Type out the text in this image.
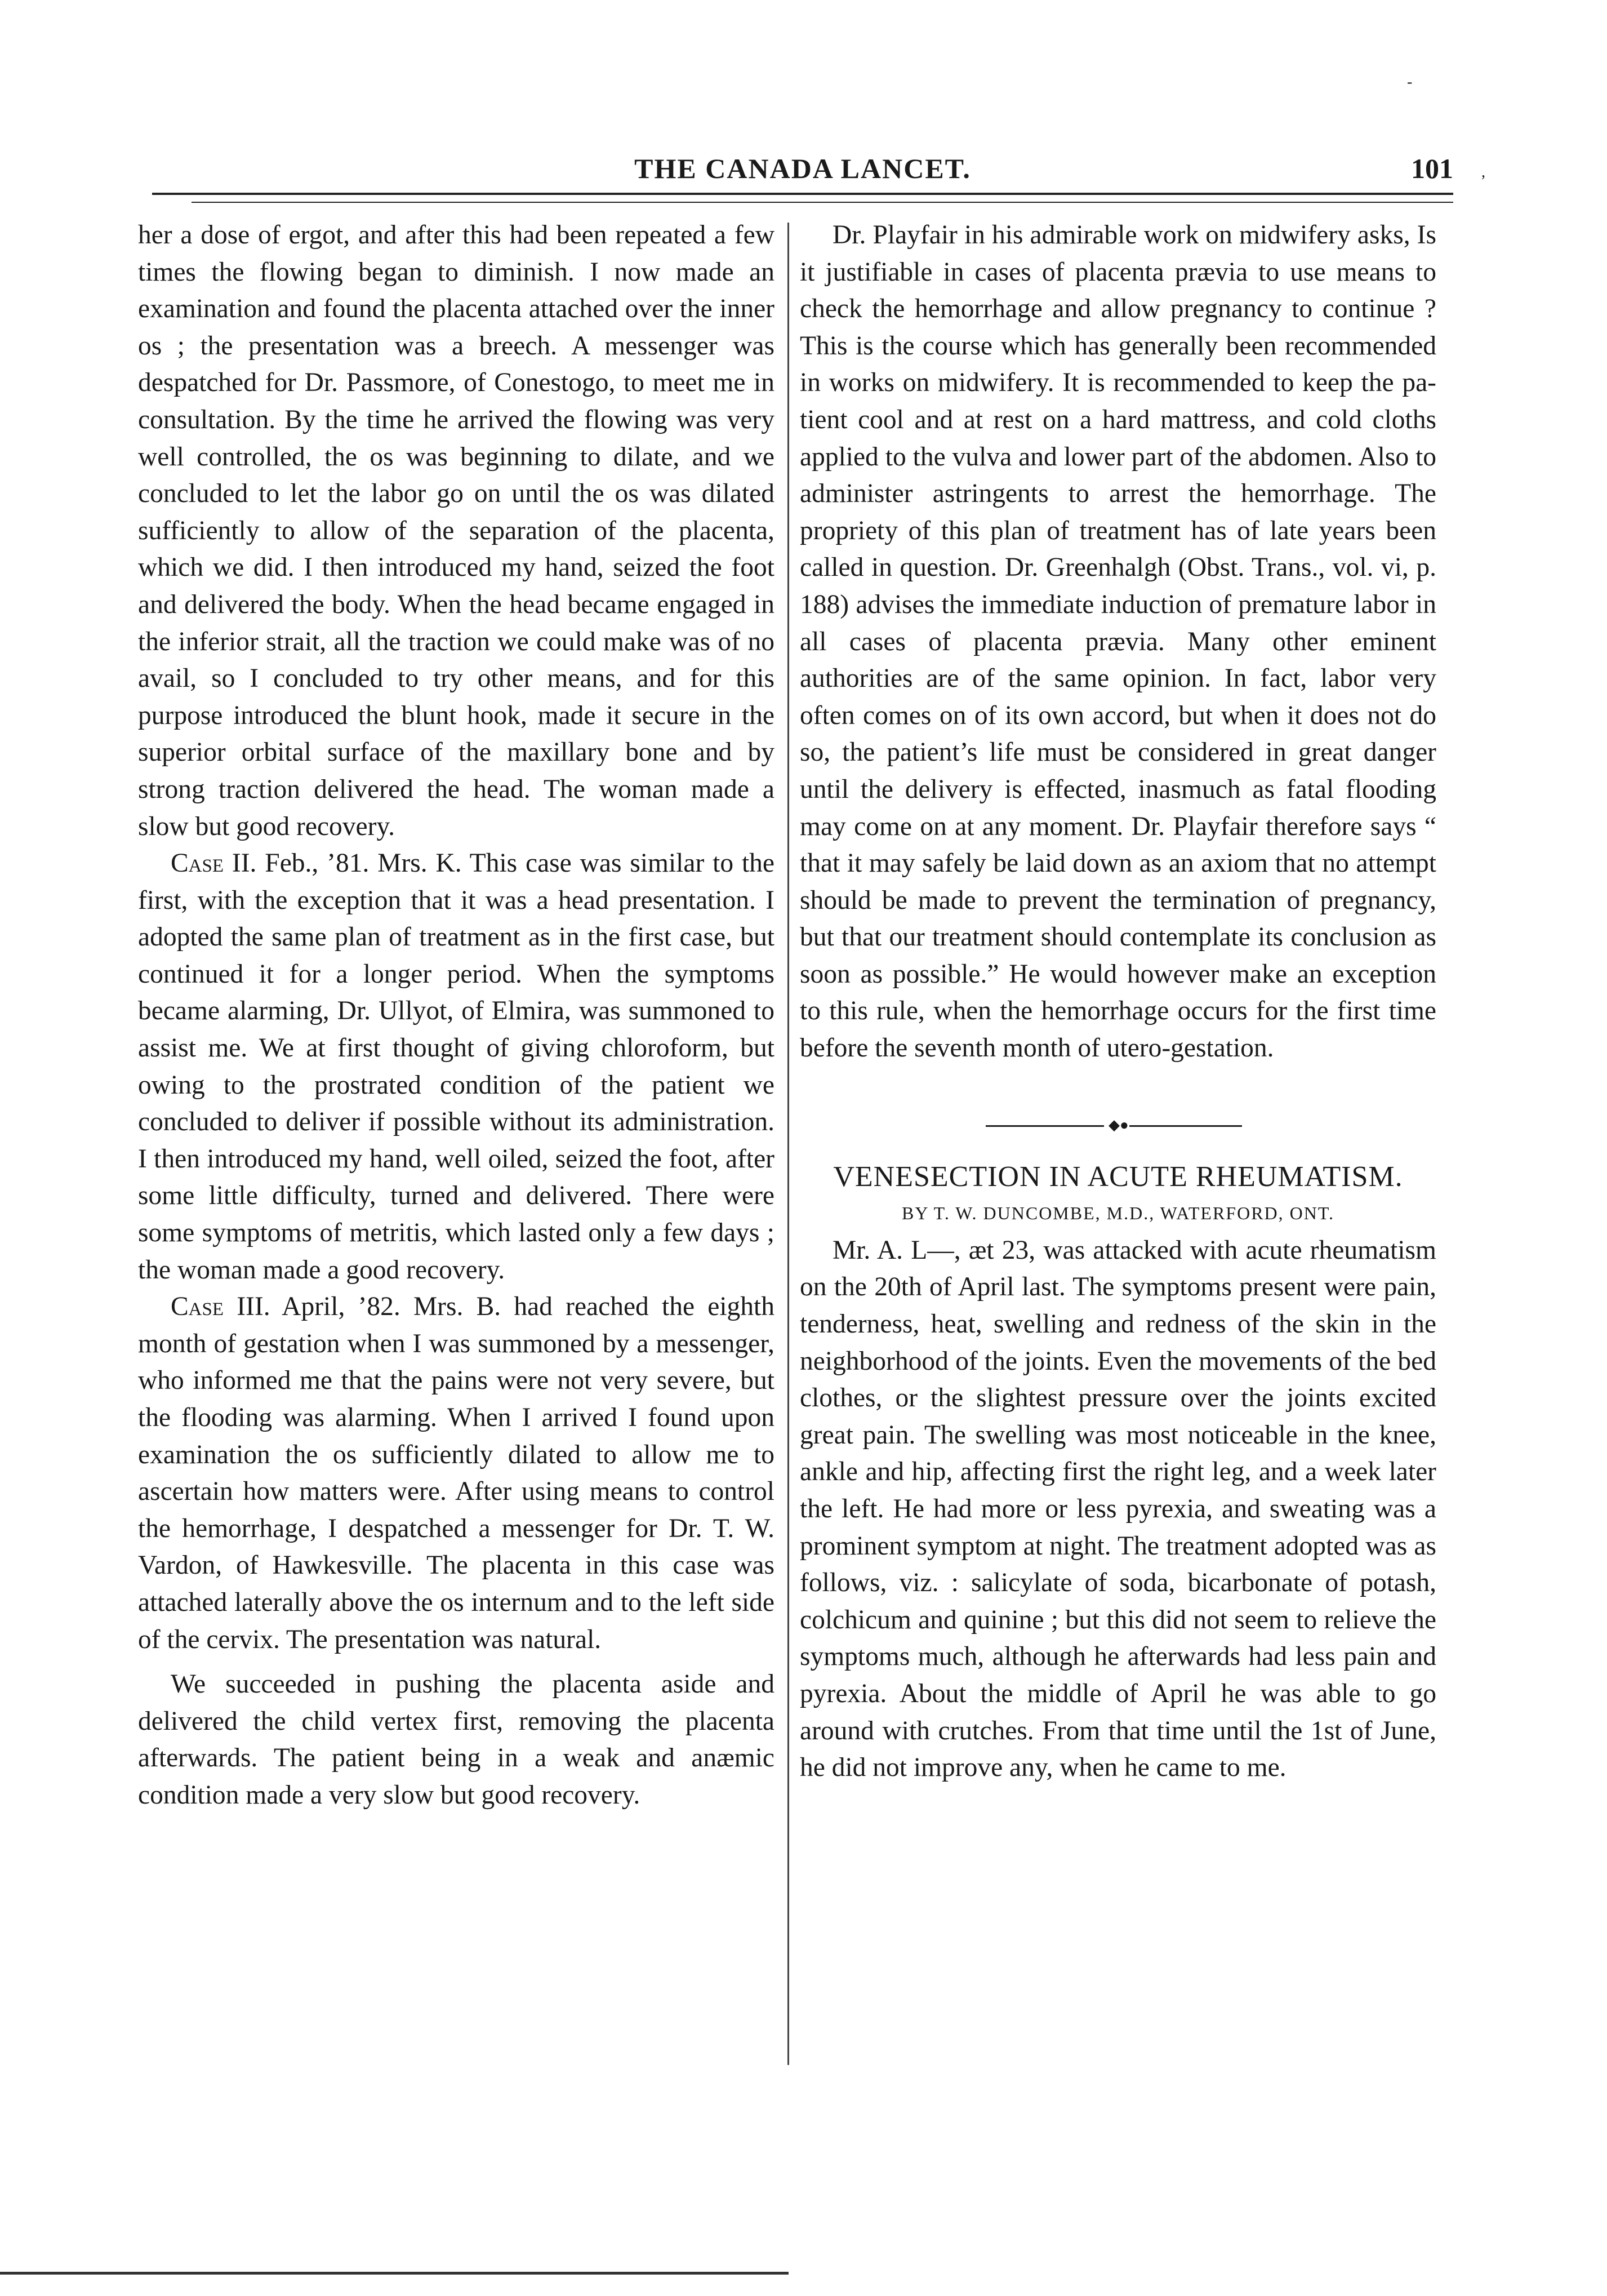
THE CANADA LANCET.	101 ,
-

her a dose of ergot, and after this had been repeated a few times the flowing began to diminish. I now made an examination and found the placenta attached over the inner os ; the presentation was a breech. A messenger was despatched for Dr. Passmore, of Conestogo, to meet me in consultation. By the time he arrived the flowing was very well controlled, the os was beginning to dilate, and we concluded to let the labor go on until the os was dilated sufficiently to allow of the separation of the placenta, which we did. I then introduced my hand, seized the foot and delivered the body. When the head became engaged in the inferior strait, all the traction we could make was of no avail, so I concluded to try other means, and for this purpose introduced the blunt hook, made it secure in the superior orbital surface of the maxillary bone and by strong traction delivered the head. The woman made a slow but good recovery.

Case II. Feb., ’81. Mrs. K. This case was similar to the first, with the exception that it was a head presentation. I adopted the same plan of treatment as in the first case, but continued it for a longer period. When the symptoms became alarming, Dr. Ullyot, of Elmira, was summoned to assist me. We at first thought of giving chloroform, but owing to the prostrated condition of the patient we concluded to deliver if possible without its administration. I then introduced my hand, well oiled, seized the foot, after some little difficulty, turned and delivered. There were some symptoms of metritis, which lasted only a few days ; the woman made a good recovery.

Case III. April, ’82. Mrs. B. had reached the eighth month of gestation when I was summoned by a messenger, who informed me that the pains were not very severe, but the flooding was alarming. When I arrived I found upon examination the os sufficiently dilated to allow me to ascertain how matters were. After using means to control the hemorrhage, I despatched a messenger for Dr. T. W. Vardon, of Hawkesville. The placenta in this case was attached laterally above the os internum and to the left side of the cervix. The presentation was natural.

We succeeded in pushing the placenta aside and delivered the child vertex first, removing the placenta afterwards. The patient being in a weak and anæmic condition made a very slow but good recovery.

Dr. Playfair in his admirable work on midwifery asks, Is it justifiable in cases of placenta prævia to use means to check the hemorrhage and allow pregnancy to continue ? This is the course which has generally been recommended in works on midwifery. It is recommended to keep the patient cool and at rest on a hard mattress, and cold cloths applied to the vulva and lower part of the abdomen. Also to administer astringents to arrest the hemorrhage. The propriety of this plan of treatment has of late years been called in question. Dr. Greenhalgh (Obst. Trans., vol. vi, p. 188) advises the immediate induction of premature labor in all cases of placenta prævia. Many other eminent authorities are of the same opinion. In fact, labor very often comes on of its own accord, but when it does not do so, the patient’s life must be considered in great danger until the delivery is effected, inasmuch as fatal flooding may come on at any moment. Dr. Playfair therefore says “ that it may safely be laid down as an axiom that no attempt should be made to prevent the termination of pregnancy, but that our treatment should contemplate its conclusion as soon as possible.” He would however make an exception to this rule, when the hemorrhage occurs for the first time before the seventh month of utero-gestation.

◆●

VENESECTION IN ACUTE RHEUMATISM.

BY T. W. DUNCOMBE, M.D., WATERFORD, ONT.

Mr. A. L—, æt 23, was attacked with acute rheumatism on the 20th of April last. The symptoms present were pain, tenderness, heat, swelling and redness of the skin in the neighborhood of the joints. Even the movements of the bed clothes, or the slightest pressure over the joints excited great pain. The swelling was most noticeable in the knee, ankle and hip, affecting first the right leg, and a week later the left. He had more or less pyrexia, and sweating was a prominent symptom at night. The treatment adopted was as follows, viz. : salicylate of soda, bicarbonate of potash, colchicum and quinine ; but this did not seem to relieve the symptoms much, although he afterwards had less pain and pyrexia. About the middle of April he was able to go around with crutches. From that time until the 1st of June, he did not improve any, when he came to me.
